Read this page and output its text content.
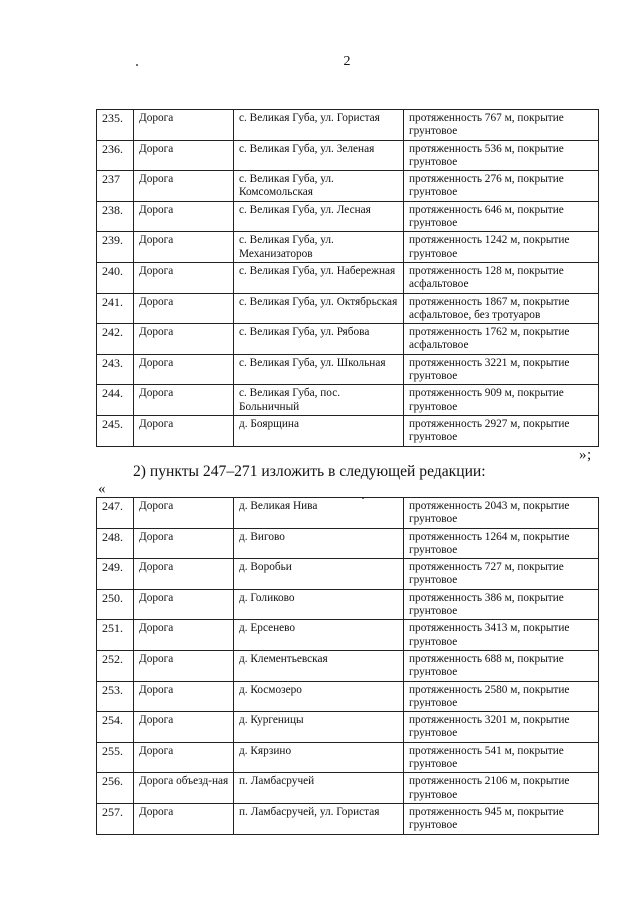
2
235.	Дорога	с. Великая Губа, ул. Гористая	протяженность 767 м, покрытие грунтовое
236.	Дорога	с. Великая Губа, ул. Зеленая	протяженность 536 м, покрытие грунтовое
237	Дорога	с. Великая Губа, ул. Комсомольская	протяженность 276 м, покрытие грунтовое
238.	Дорога	с. Великая Губа, ул. Лесная	протяженность 646 м, покрытие грунтовое
239.	Дорога	с. Великая Губа, ул. Механизаторов	протяженность 1242 м, покрытие грунтовое
240.	Дорога	с. Великая Губа, ул. Набережная	протяженность 128 м, покрытие асфальтовое
241.	Дорога	с. Великая Губа, ул. Октябрьская	протяженность 1867 м, покрытие асфальтовое, без тротуаров
242.	Дорога	с. Великая Губа, ул. Рябова	протяженность 1762 м, покрытие асфальтовое
243.	Дорога	с. Великая Губа, ул. Школьная	протяженность 3221 м, покрытие грунтовое
244.	Дорога	с. Великая Губа, пос. Больничный	протяженность 909 м, покрытие грунтовое
245.	Дорога	д. Боярщина	протяженность 2927 м, покрытие грунтовое
»;
2) пункты 247–271 изложить в следующей редакции:
«
247.	Дорога	д. Великая Нива	протяженность 2043 м, покрытие грунтовое
248.	Дорога	д. Вигово	протяженность 1264 м, покрытие грунтовое
249.	Дорога	д. Воробьи	протяженность 727 м, покрытие грунтовое
250.	Дорога	д. Голиково	протяженность 386 м, покрытие грунтовое
251.	Дорога	д. Ерсенево	протяженность 3413 м, покрытие грунтовое
252.	Дорога	д. Клементьевская	протяженность 688 м, покрытие грунтовое
253.	Дорога	д. Космозеро	протяженность 2580 м, покрытие грунтовое
254.	Дорога	д. Кургеницы	протяженность 3201 м, покрытие грунтовое
255.	Дорога	д. Кярзино	протяженность 541 м, покрытие грунтовое
256.	Дорога объезд-ная	п. Ламбасручей	протяженность 2106 м, покрытие грунтовое
257.	Дорога	п. Ламбасручей, ул. Гористая	протяженность 945 м, покрытие грунтовое
